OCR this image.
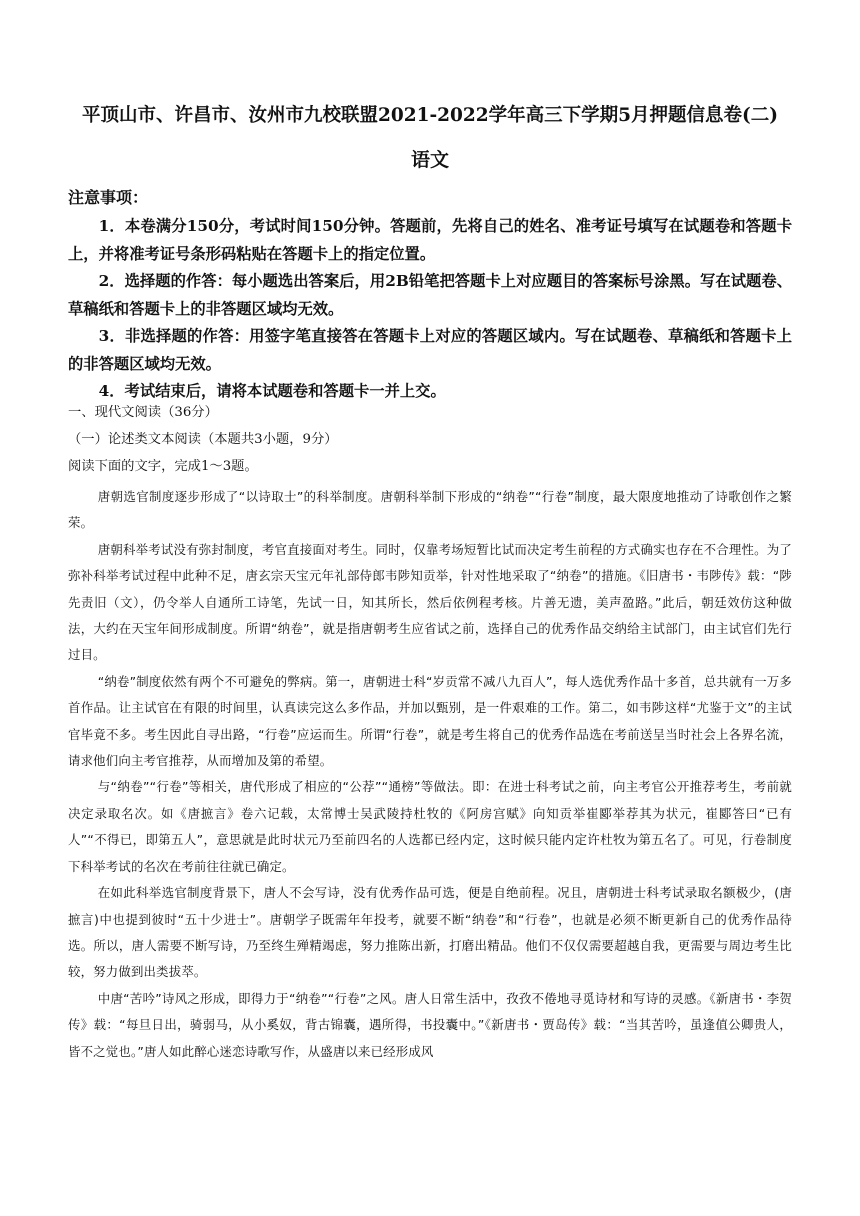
平顶山市、许昌市、汝州市九校联盟2021-2022学年高三下学期5月押题信息卷(二)
语文
注意事项：

1．本卷满分150分，考试时间150分钟。答题前，先将自己的姓名、准考证号填写在试题卷和答题卡上，并将准考证号条形码粘贴在答题卡上的指定位置。

2．选择题的作答：每小题选出答案后，用2B铅笔把答题卡上对应题目的答案标号涂黑。写在试题卷、草稿纸和答题卡上的非答题区域均无效。

3．非选择题的作答：用签字笔直接答在答题卡上对应的答题区域内。写在试题卷、草稿纸和答题卡上的非答题区域均无效。

4．考试结束后，请将本试题卷和答题卡一并上交。

一、现代文阅读（36分）
（一）论述类文本阅读（本题共3小题，9分）
阅读下面的文字，完成1～3题。

唐朝选官制度逐步形成了“以诗取士”的科举制度。唐朝科举制下形成的“纳卷”“行卷”制度，最大限度地推动了诗歌创作之繁荣。

唐朝科举考试没有弥封制度，考官直接面对考生。同时，仅靠考场短暂比试而决定考生前程的方式确实也存在不合理性。为了弥补科举考试过程中此种不足，唐玄宗天宝元年礼部侍郎韦陟知贡举，针对性地采取了“纳卷”的措施。《旧唐书・韦陟传》载：“陟先责旧（文），仍令举人自通所工诗笔，先试一日，知其所长，然后依例程考核。片善无遗，美声盈路。”此后，朝廷效仿这种做法，大约在天宝年间形成制度。所谓“纳卷”，就是指唐朝考生应省试之前，选择自己的优秀作品交纳给主试部门，由主试官们先行过目。

“纳卷”制度依然有两个不可避免的弊病。第一，唐朝进士科“岁贡常不减八九百人”，每人选优秀作品十多首，总共就有一万多首作品。让主试官在有限的时间里，认真读完这么多作品，并加以甄别，是一件艰难的工作。第二，如韦陟这样“尤鉴于文”的主试官毕竟不多。考生因此自寻出路，“行卷”应运而生。所谓“行卷”，就是考生将自己的优秀作品选在考前送呈当时社会上各界名流，请求他们向主考官推荐，从而增加及第的希望。

与“纳卷”“行卷”等相关，唐代形成了相应的“公荐”“通榜”等做法。即：在进士科考试之前，向主考官公开推荐考生，考前就决定录取名次。如《唐摭言》卷六记载，太常博士吴武陵持杜牧的《阿房宫赋》向知贡举崔郾举荐其为状元，崔郾答曰“已有人”“不得已，即第五人”，意思就是此时状元乃至前四名的人选都已经内定，这时候只能内定许杜牧为第五名了。可见，行卷制度下科举考试的名次在考前往往就已确定。

在如此科举选官制度背景下，唐人不会写诗，没有优秀作品可选，便是自绝前程。况且，唐朝进士科考试录取名额极少，(唐摭言)中也提到彼时“五十少进士”。唐朝学子既需年年投考，就要不断“纳卷”和“行卷”，也就是必须不断更新自己的优秀作品待选。所以，唐人需要不断写诗，乃至终生殚精竭虑，努力推陈出新，打磨出精品。他们不仅仅需要超越自我，更需要与周边考生比较，努力做到出类拔萃。

中唐“苦吟”诗风之形成，即得力于“纳卷”“行卷”之风。唐人日常生活中，孜孜不倦地寻觅诗材和写诗的灵感。《新唐书・李贺传》载：“每旦日出，骑弱马，从小奚奴，背古锦囊，遇所得，书投囊中。”《新唐书・贾岛传》载：“当其苦吟，虽逢值公卿贵人，皆不之觉也。”唐人如此醉心迷恋诗歌写作，从盛唐以来已经形成风
